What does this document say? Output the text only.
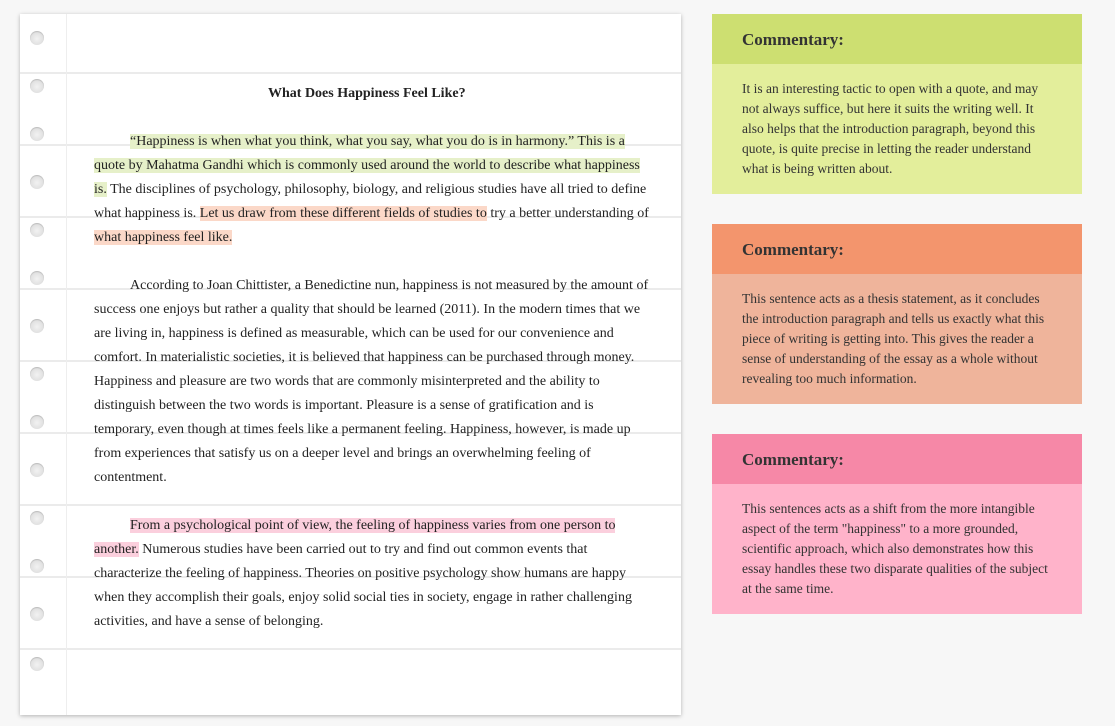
What Does Happiness Feel Like?

“Happiness is when what you think, what you say, what you do is in harmony.” This is a quote by Mahatma Gandhi which is commonly used around the world to describe what happiness is. The disciplines of psychology, philosophy, biology, and religious studies have all tried to define what happiness is. Let us draw from these different fields of studies to try a better understanding of what happiness feel like.

According to Joan Chittister, a Benedictine nun, happiness is not measured by the amount of success one enjoys but rather a quality that should be learned (2011). In the modern times that we are living in, happiness is defined as measurable, which can be used for our convenience and comfort. In materialistic societies, it is believed that happiness can be purchased through money. Happiness and pleasure are two words that are commonly misinterpreted and the ability to distinguish between the two words is important. Pleasure is a sense of gratification and is temporary, even though at times feels like a permanent feeling. Happiness, however, is made up from experiences that satisfy us on a deeper level and brings an overwhelming feeling of contentment.

From a psychological point of view, the feeling of happiness varies from one person to another. Numerous studies have been carried out to try and find out common events that characterize the feeling of happiness. Theories on positive psychology show humans are happy when they accomplish their goals, enjoy solid social ties in society, engage in rather challenging activities, and have a sense of belonging.

Commentary:
It is an interesting tactic to open with a quote, and may not always suffice, but here it suits the writing well. It also helps that the introduction paragraph, beyond this quote, is quite precise in letting the reader understand what is being written about.
Commentary:
This sentence acts as a thesis statement, as it concludes the introduction paragraph and tells us exactly what this piece of writing is getting into. This gives the reader a sense of understanding of the essay as a whole without revealing too much information.
Commentary:
This sentences acts as a shift from the more intangible aspect of the term "happiness" to a more grounded, scientific approach, which also demonstrates how this essay handles these two disparate qualities of the subject at the same time.
